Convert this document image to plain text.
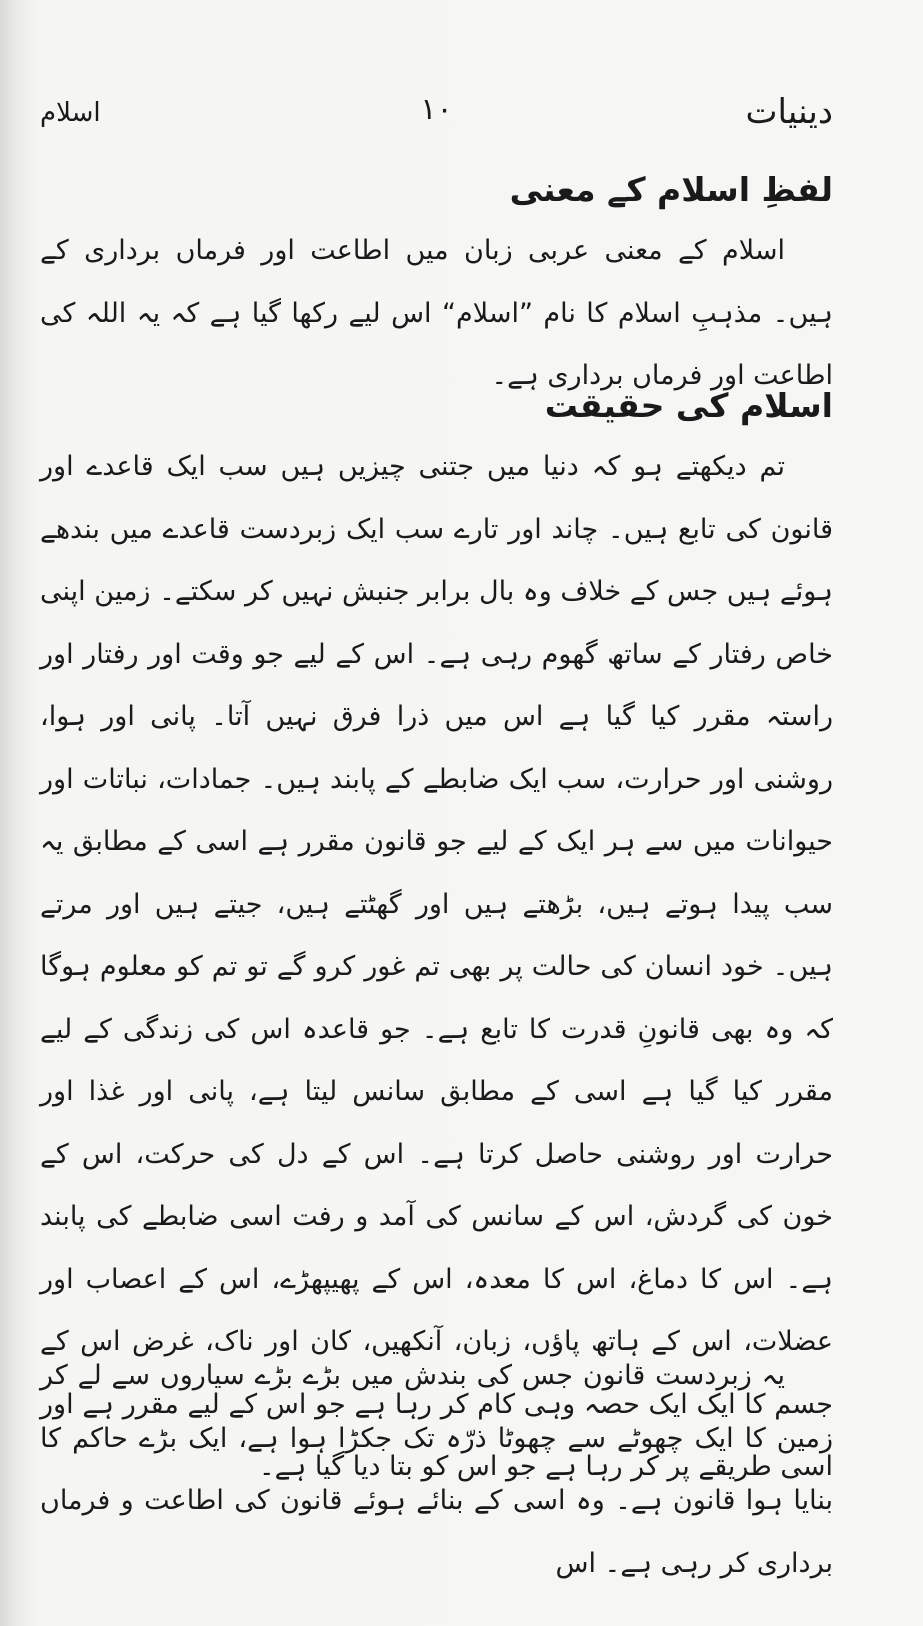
دینیات
۱۰
اسلام
لفظِ اسلام کے معنی

اسلام کے معنی عربی زبان میں اطاعت اور فرماں برداری کے ہیں۔ مذہبِ اسلام کا نام ”اسلام“ اس لیے رکھا گیا ہے کہ یہ اللہ کی اطاعت اور فرماں برداری ہے۔

اسلام کی حقیقت

تم دیکھتے ہو کہ دنیا میں جتنی چیزیں ہیں سب ایک قاعدے اور قانون کی تابع ہیں۔ چاند اور تارے سب ایک زبردست قاعدے میں بندھے ہوئے ہیں جس کے خلاف وہ بال برابر جنبش نہیں کر سکتے۔ زمین اپنی خاص رفتار کے ساتھ گھوم رہی ہے۔ اس کے لیے جو وقت اور رفتار اور راستہ مقرر کیا گیا ہے اس میں ذرا فرق نہیں آتا۔ پانی اور ہوا، روشنی اور حرارت، سب ایک ضابطے کے پابند ہیں۔ جمادات، نباتات اور حیوانات میں سے ہر ایک کے لیے جو قانون مقرر ہے اسی کے مطابق یہ سب پیدا ہوتے ہیں، بڑھتے ہیں اور گھٹتے ہیں، جیتے ہیں اور مرتے ہیں۔ خود انسان کی حالت پر بھی تم غور کرو گے تو تم کو معلوم ہوگا کہ وہ بھی قانونِ قدرت کا تابع ہے۔ جو قاعدہ اس کی زندگی کے لیے مقرر کیا گیا ہے اسی کے مطابق سانس لیتا ہے، پانی اور غذا اور حرارت اور روشنی حاصل کرتا ہے۔ اس کے دل کی حرکت، اس کے خون کی گردش، اس کے سانس کی آمد و رفت اسی ضابطے کی پابند ہے۔ اس کا دماغ، اس کا معدہ، اس کے پھیپھڑے، اس کے اعصاب اور عضلات، اس کے ہاتھ پاؤں، زبان، آنکھیں، کان اور ناک، غرض اس کے جسم کا ایک ایک حصہ وہی کام کر رہا ہے جو اس کے لیے مقرر ہے اور اسی طریقے پر کر رہا ہے جو اس کو بتا دیا گیا ہے۔

یہ زبردست قانون جس کی بندش میں بڑے بڑے سیاروں سے لے کر زمین کا ایک چھوٹے سے چھوٹا ذرّہ تک جکڑا ہوا ہے، ایک بڑے حاکم کا بنایا ہوا قانون ہے۔ وہ اسی کے بنائے ہوئے قانون کی اطاعت و فرماں برداری کر رہی ہے۔ اس
